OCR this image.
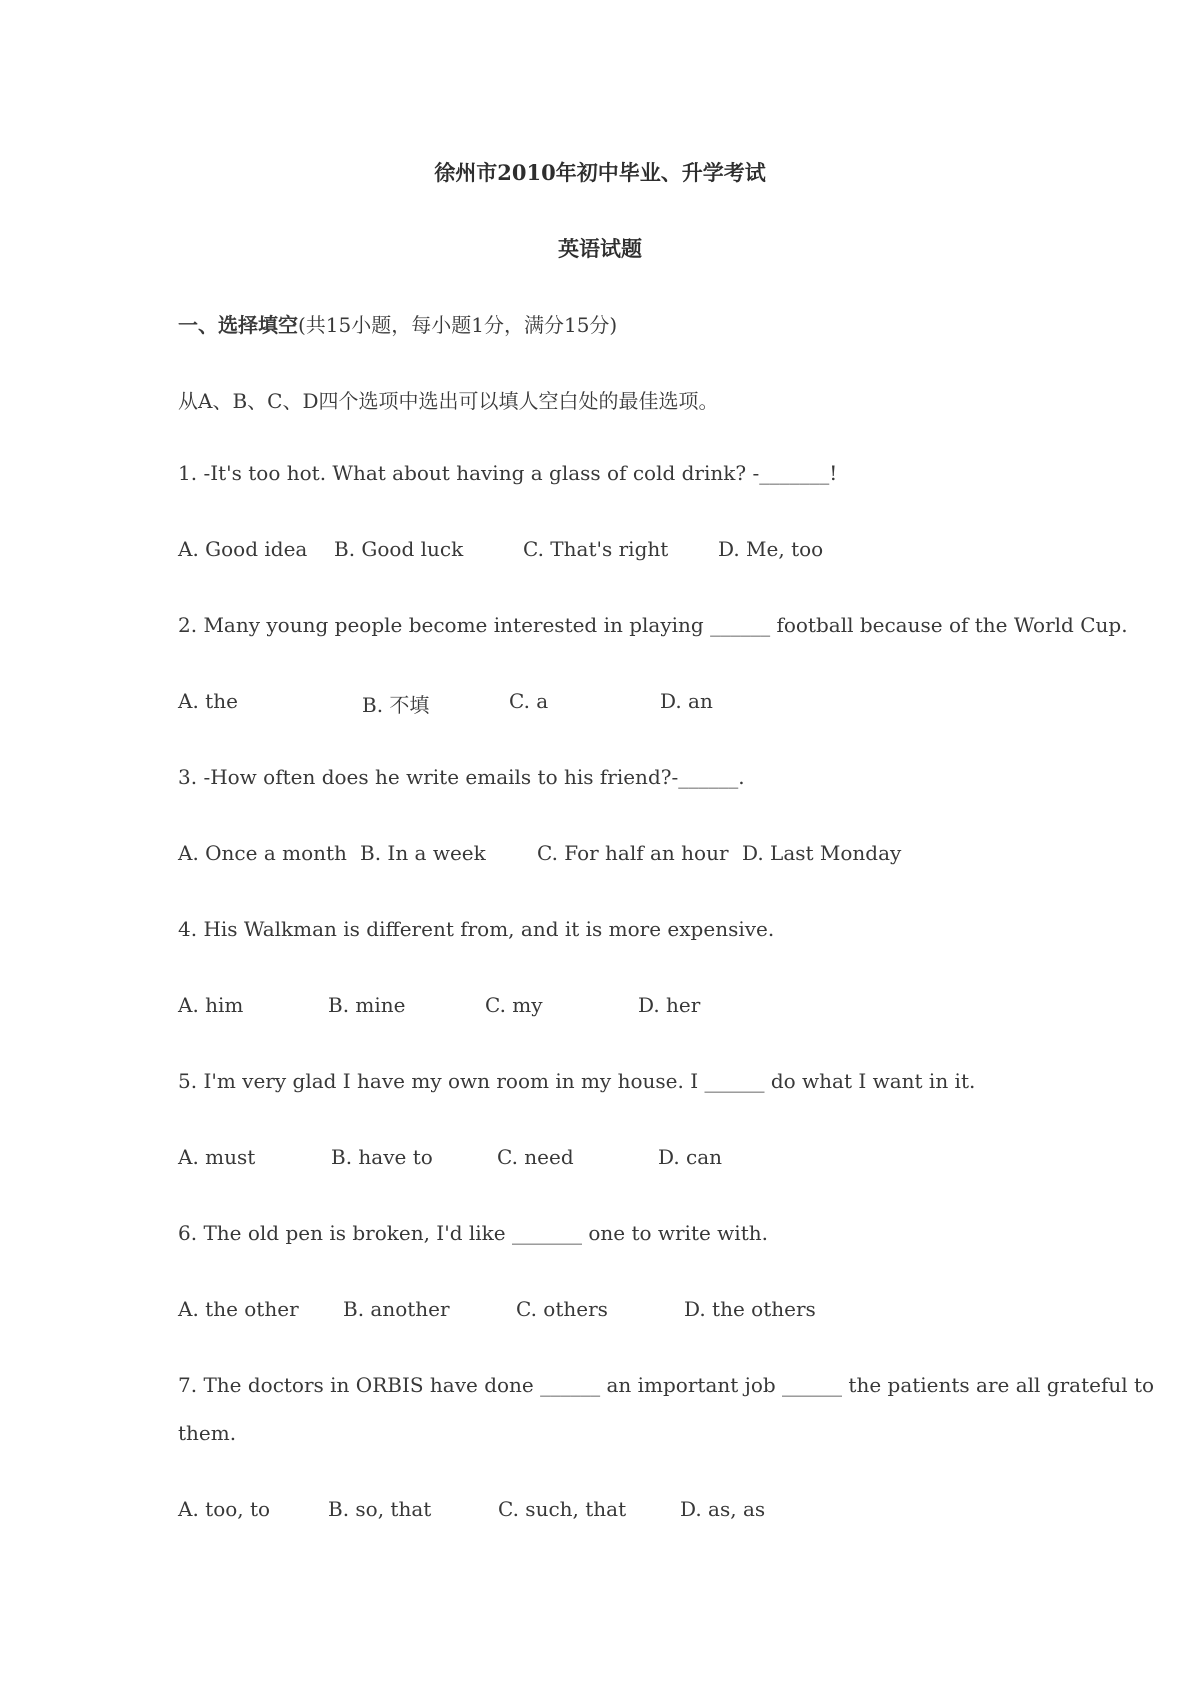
徐州市2010年初中毕业、升学考试
英语试题
一、选择填空(共15小题，每小题1分，满分15分)
从A、B、C、D四个选项中选出可以填人空白处的最佳选项。
1. -It's too hot. What about having a glass of cold drink? -_______!
A. Good idea B. Good luck	C. That's right D. Me, too
2. Many young people become interested in playing ______ football because of the World Cup.
A. the	B. 不填	C. a	D. an
3. -How often does he write emails to his friend?-______.
A. Once a month B. In a week	C. For half an hour D. Last Monday
4. His Walkman is different from, and it is more expensive.
A. him	B. mine	C. my	D. her
5. I'm very glad I have my own room in my house. I ______ do what I want in it.
A. must	B. have to	C. need	D. can
6. The old pen is broken, I'd like _______ one to write with.
A. the other B. another	C. others	D. the others
7. The doctors in ORBIS have done ______ an important job ______ the patients are all grateful to
them.
A. too, to	B. so, that	C. such, that	D. as, as
